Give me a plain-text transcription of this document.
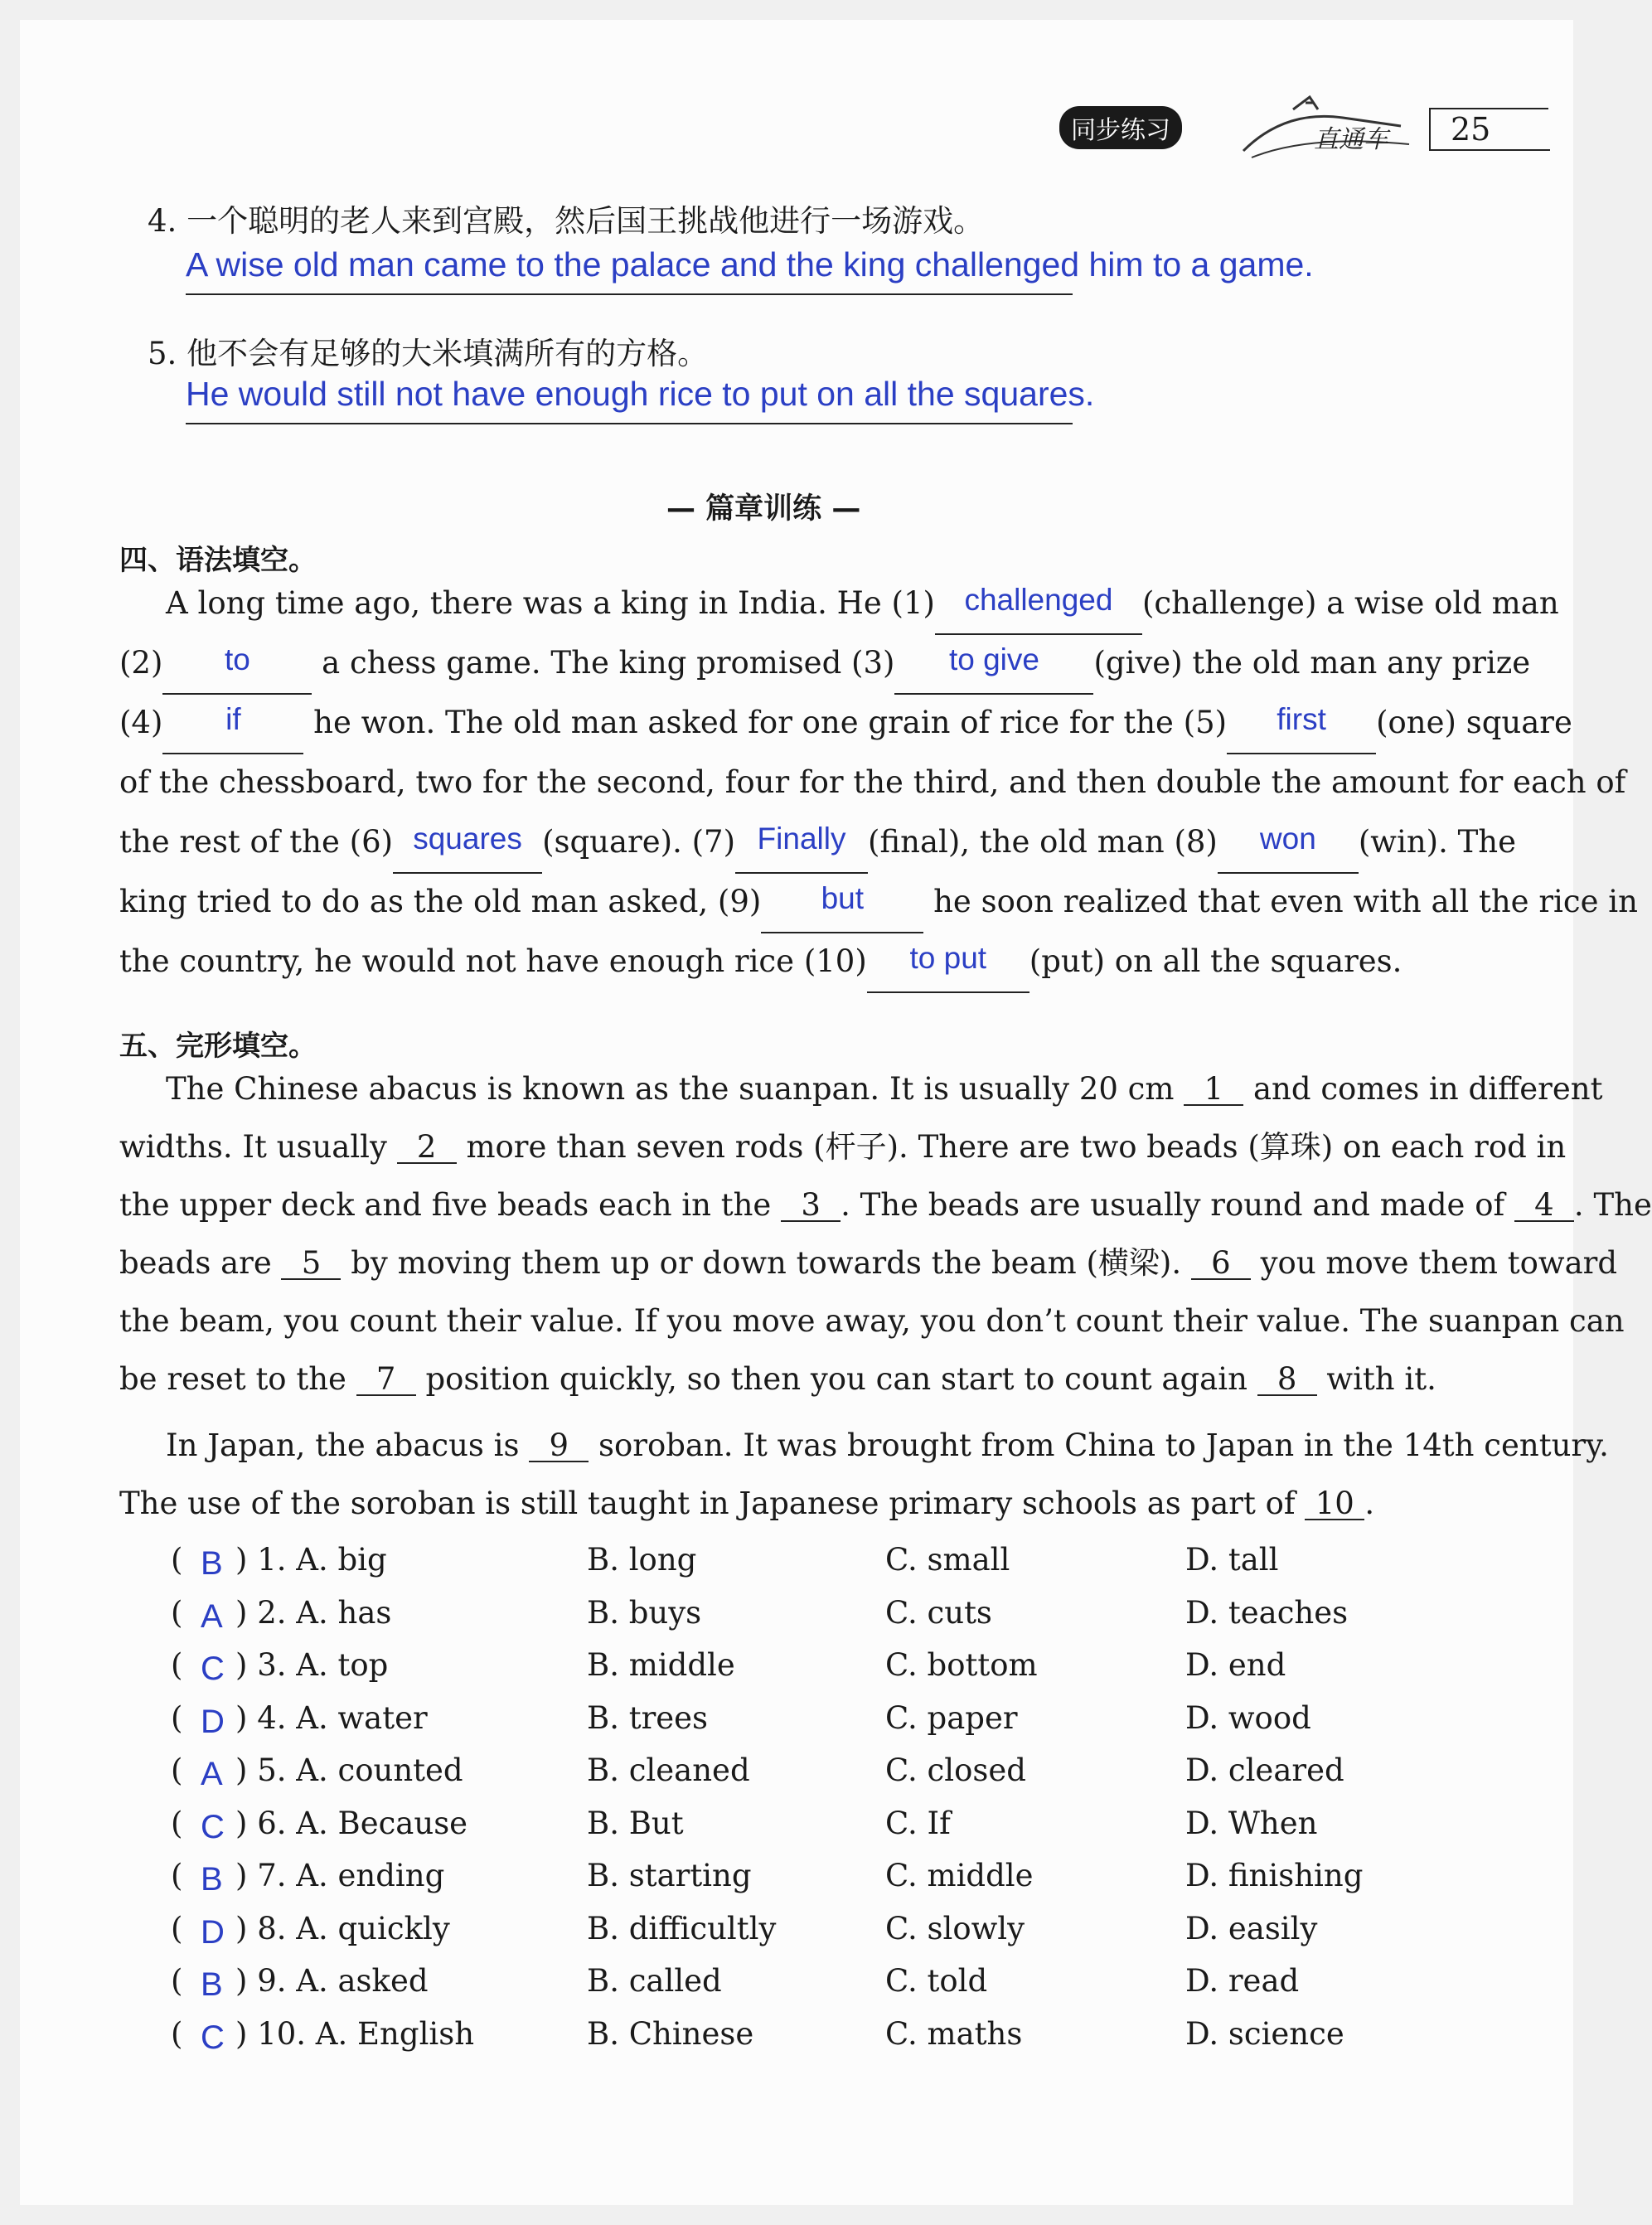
同步练习	直通车 25
4. 一个聪明的老人来到宫殿，然后国王挑战他进行一场游戏。
A wise old man came to the palace and the king challenged him to a game.
5. 他不会有足够的大米填满所有的方格。
He would still not have enough rice to put on all the squares.
— 篇章训练 —
四、语法填空。
A long time ago, there was a king in India. He (1) challenged (challenge) a wise old man
(2)	to	a chess game. The king promised (3)	to give	(give) the old man any prize
(4)	if	he won. The old man asked for one grain of rice for the (5)	first	(one) square
of the chessboard, two for the second, four for the third, and then double the amount for each of
the rest of the (6) squares (square). (7) Finally (final), the old man (8)	won	(win). The
king tried to do as the old man asked, (9)	but	he soon realized that even with all the rice in
the country, he would not have enough rice (10)	to put	(put) on all the squares.
五、完形填空。
The Chinese abacus is known as the suanpan. It is usually 20 cm 1 and comes in different
widths. It usually 2 more than seven rods (杆子). There are two beads (算珠) on each rod in
the upper deck and five beads each in the 3 . The beads are usually round and made of 4 . The
beads are 5 by moving them up or down towards the beam (横梁). 6 you move them toward
the beam, you count their value. If you move away, you don’t count their value. The suanpan can
be reset to the 7 position quickly, so then you can start to count again 8 with it.
In Japan, the abacus is 9 soroban. It was brought from China to Japan in the 14th century.
The use of the soroban is still taught in Japanese primary schools as part of 10 .
( B ) 1. A. big	B. long	C. small	D. tall
( A ) 2. A. has	B. buys	C. cuts	D. teaches
( C ) 3. A. top	B. middle	C. bottom	D. end
( D ) 4. A. water	B. trees	C. paper	D. wood
( A ) 5. A. counted	B. cleaned	C. closed	D. cleared
( C ) 6. A. Because	B. But	C. If	D. When
( B ) 7. A. ending	B. starting	C. middle	D. finishing
( D ) 8. A. quickly	B. difficultly	C. slowly	D. easily
( B ) 9. A. asked	B. called	C. told	D. read
( C ) 10. A. English	B. Chinese	C. maths	D. science
